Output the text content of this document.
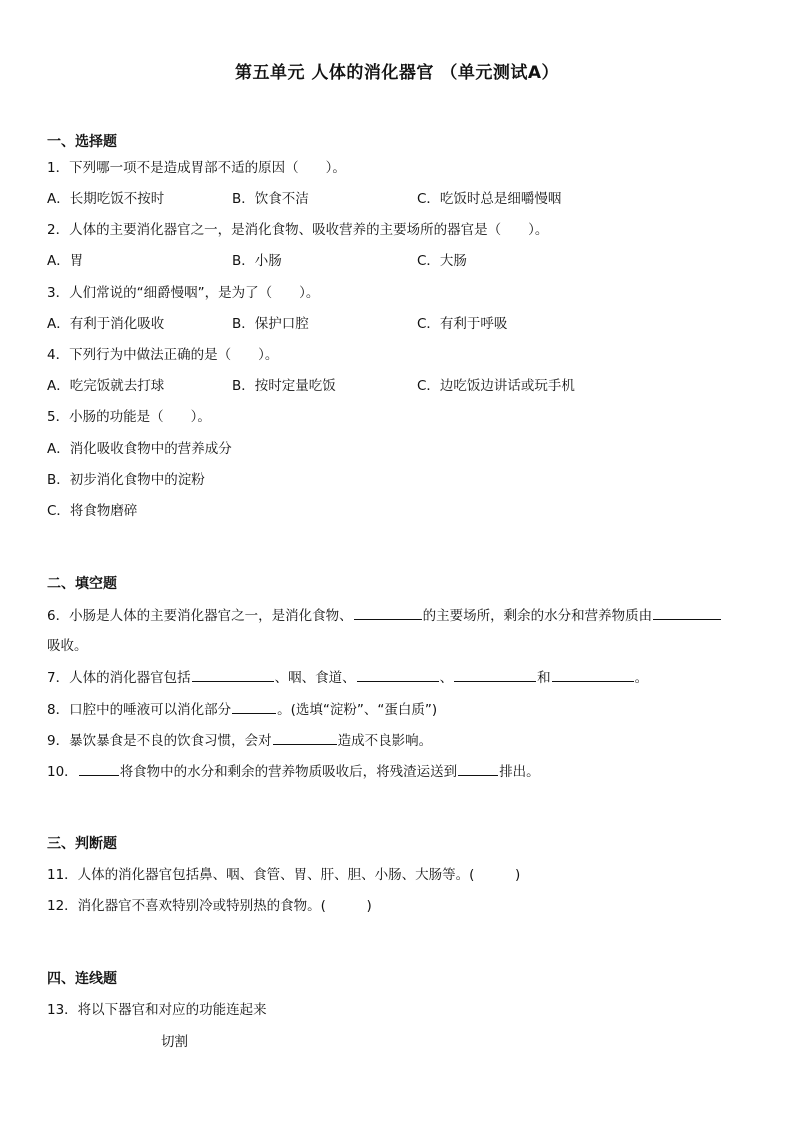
第五单元 人体的消化器官 （单元测试A）
一、选择题
1．下列哪一项不是造成胃部不适的原因（　　）。
A．长期吃饭不按时	B．饮食不洁	C．吃饭时总是细嚼慢咽
2．人体的主要消化器官之一，是消化食物、吸收营养的主要场所的器官是（　　）。
A．胃	B．小肠	C．大肠
3．人们常说的“细爵慢咽”，是为了（　　）。
A．有利于消化吸收	B．保护口腔	C．有利于呼吸
4．下列行为中做法正确的是（　　）。
A．吃完饭就去打球	B．按时定量吃饭	C．边吃饭边讲话或玩手机
5．小肠的功能是（　　）。
A．消化吸收食物中的营养成分
B．初步消化食物中的淀粉
C．将食物磨碎
二、填空题
6．小肠是人体的主要消化器官之一，是消化食物、	的主要场所，剩余的水分和营养物质由
吸收。
7．人体的消化器官包括	、咽、食道、	、	和	。
8．口腔中的唾液可以消化部分	。(选填“淀粉”、“蛋白质”)
9．暴饮暴食是不良的饮食习惯，会对	造成不良影响。
10．	将食物中的水分和剩余的营养物质吸收后，将残渣运送到	排出。
三、判断题
11．人体的消化器官包括鼻、咽、食管、胃、肝、胆、小肠、大肠等。(　　　)
12．消化器官不喜欢特别冷或特别热的食物。(　　　)
四、连线题
13．将以下器官和对应的功能连起来
切割
